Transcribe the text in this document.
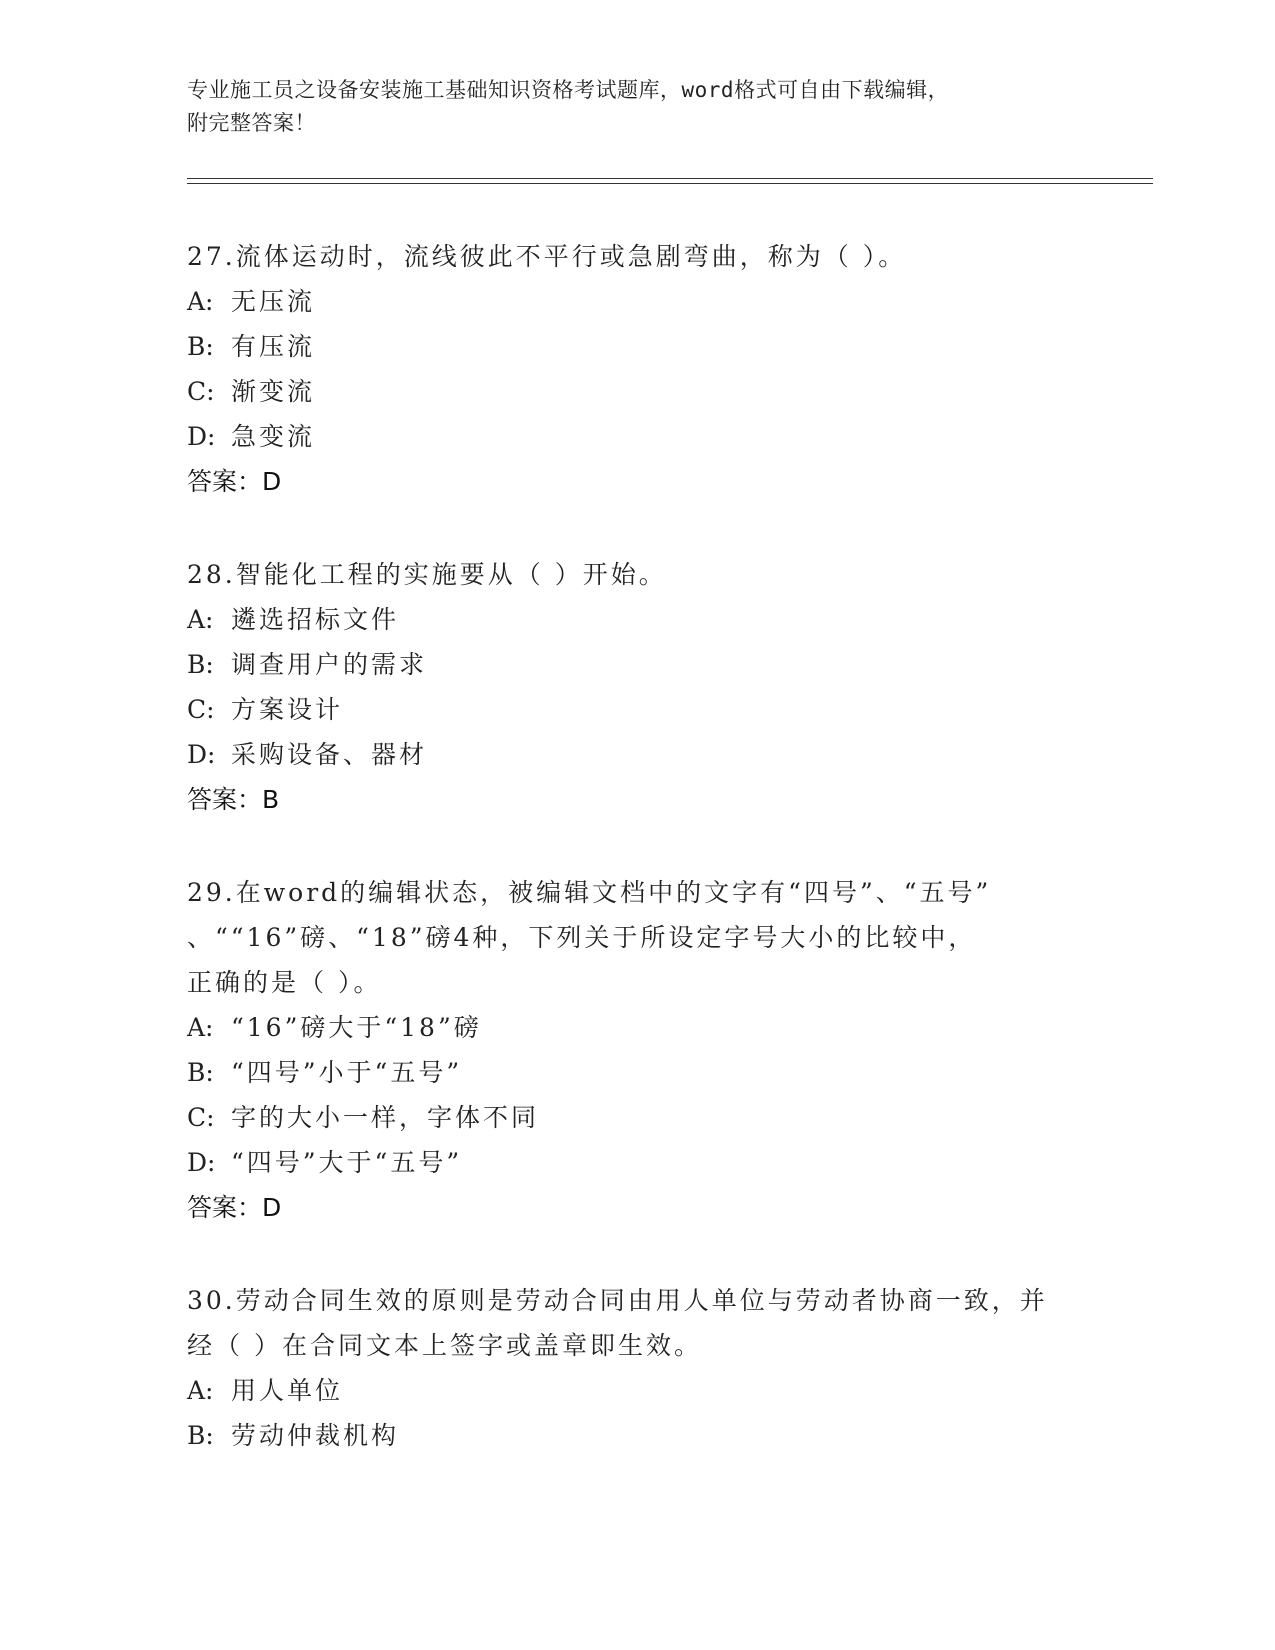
专业施工员之设备安装施工基础知识资格考试题库，word格式可自由下载编辑，
附完整答案！
27.流体运动时，流线彼此不平行或急剧弯曲，称为（ ）。
A: 无压流
B: 有压流
C: 渐变流
D: 急变流
答案：D
28.智能化工程的实施要从（ ）开始。
A: 遴选招标文件
B: 调查用户的需求
C: 方案设计
D: 采购设备、器材
答案：B
29.在word的编辑状态，被编辑文档中的文字有“四号”、“五号”
、““16”磅、“18”磅4种，下列关于所设定字号大小的比较中，
正确的是（ ）。
A: “16”磅大于“18”磅
B: “四号”小于“五号”
C: 字的大小一样，字体不同
D: “四号”大于“五号”
答案：D
30.劳动合同生效的原则是劳动合同由用人单位与劳动者协商一致，并
经（ ）在合同文本上签字或盖章即生效。
A: 用人单位
B: 劳动仲裁机构
